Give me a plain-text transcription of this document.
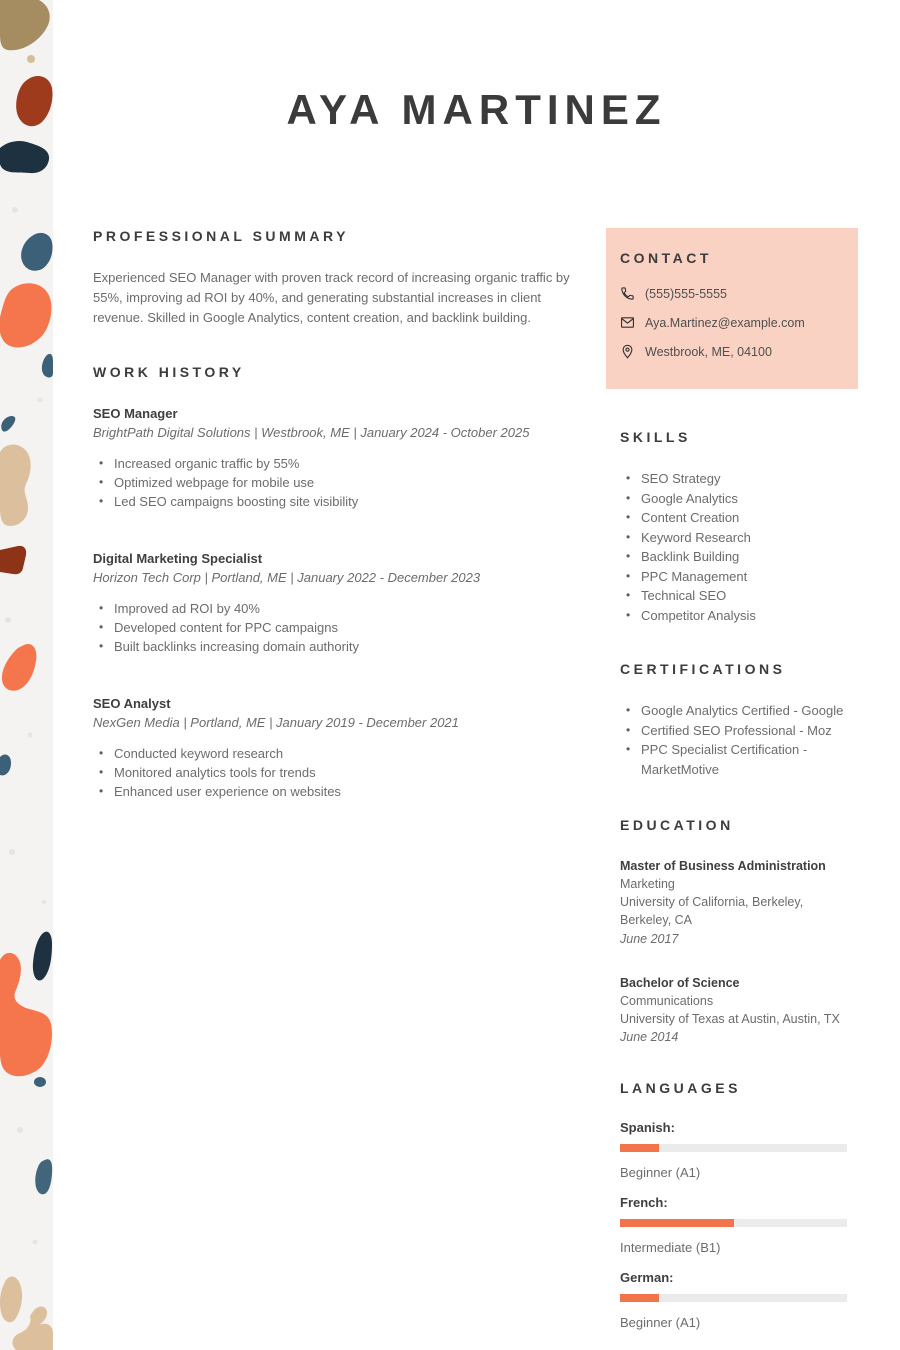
AYA MARTINEZ
PROFESSIONAL SUMMARY

Experienced SEO Manager with proven track record of increasing organic traffic by 55%, improving ad ROI by 40%, and generating substantial increases in client revenue. Skilled in Google Analytics, content creation, and backlink building.

WORK HISTORY
SEO Manager
BrightPath Digital Solutions | Westbrook, ME | January 2024 - October 2025
• Increased organic traffic by 55%
• Optimized webpage for mobile use
• Led SEO campaigns boosting site visibility
Digital Marketing Specialist
Horizon Tech Corp | Portland, ME | January 2022 - December 2023
• Improved ad ROI by 40%
• Developed content for PPC campaigns
• Built backlinks increasing domain authority
SEO Analyst
NexGen Media | Portland, ME | January 2019 - December 2021
• Conducted keyword research
• Monitored analytics tools for trends
• Enhanced user experience on websites
CONTACT
(555)555-5555
Aya.Martinez@example.com
Westbrook, ME, 04100
SKILLS
• SEO Strategy
• Google Analytics
• Content Creation
• Keyword Research
• Backlink Building
• PPC Management
• Technical SEO
• Competitor Analysis
CERTIFICATIONS
• Google Analytics Certified - Google
• Certified SEO Professional - Moz
• PPC Specialist Certification - MarketMotive
EDUCATION
Master of Business Administration
Marketing
University of California, Berkeley,
Berkeley, CA
June 2017
Bachelor of Science
Communications
University of Texas at Austin, Austin, TX
June 2014
LANGUAGES
Spanish:
Beginner (A1)
French:
Intermediate (B1)
German:
Beginner (A1)
